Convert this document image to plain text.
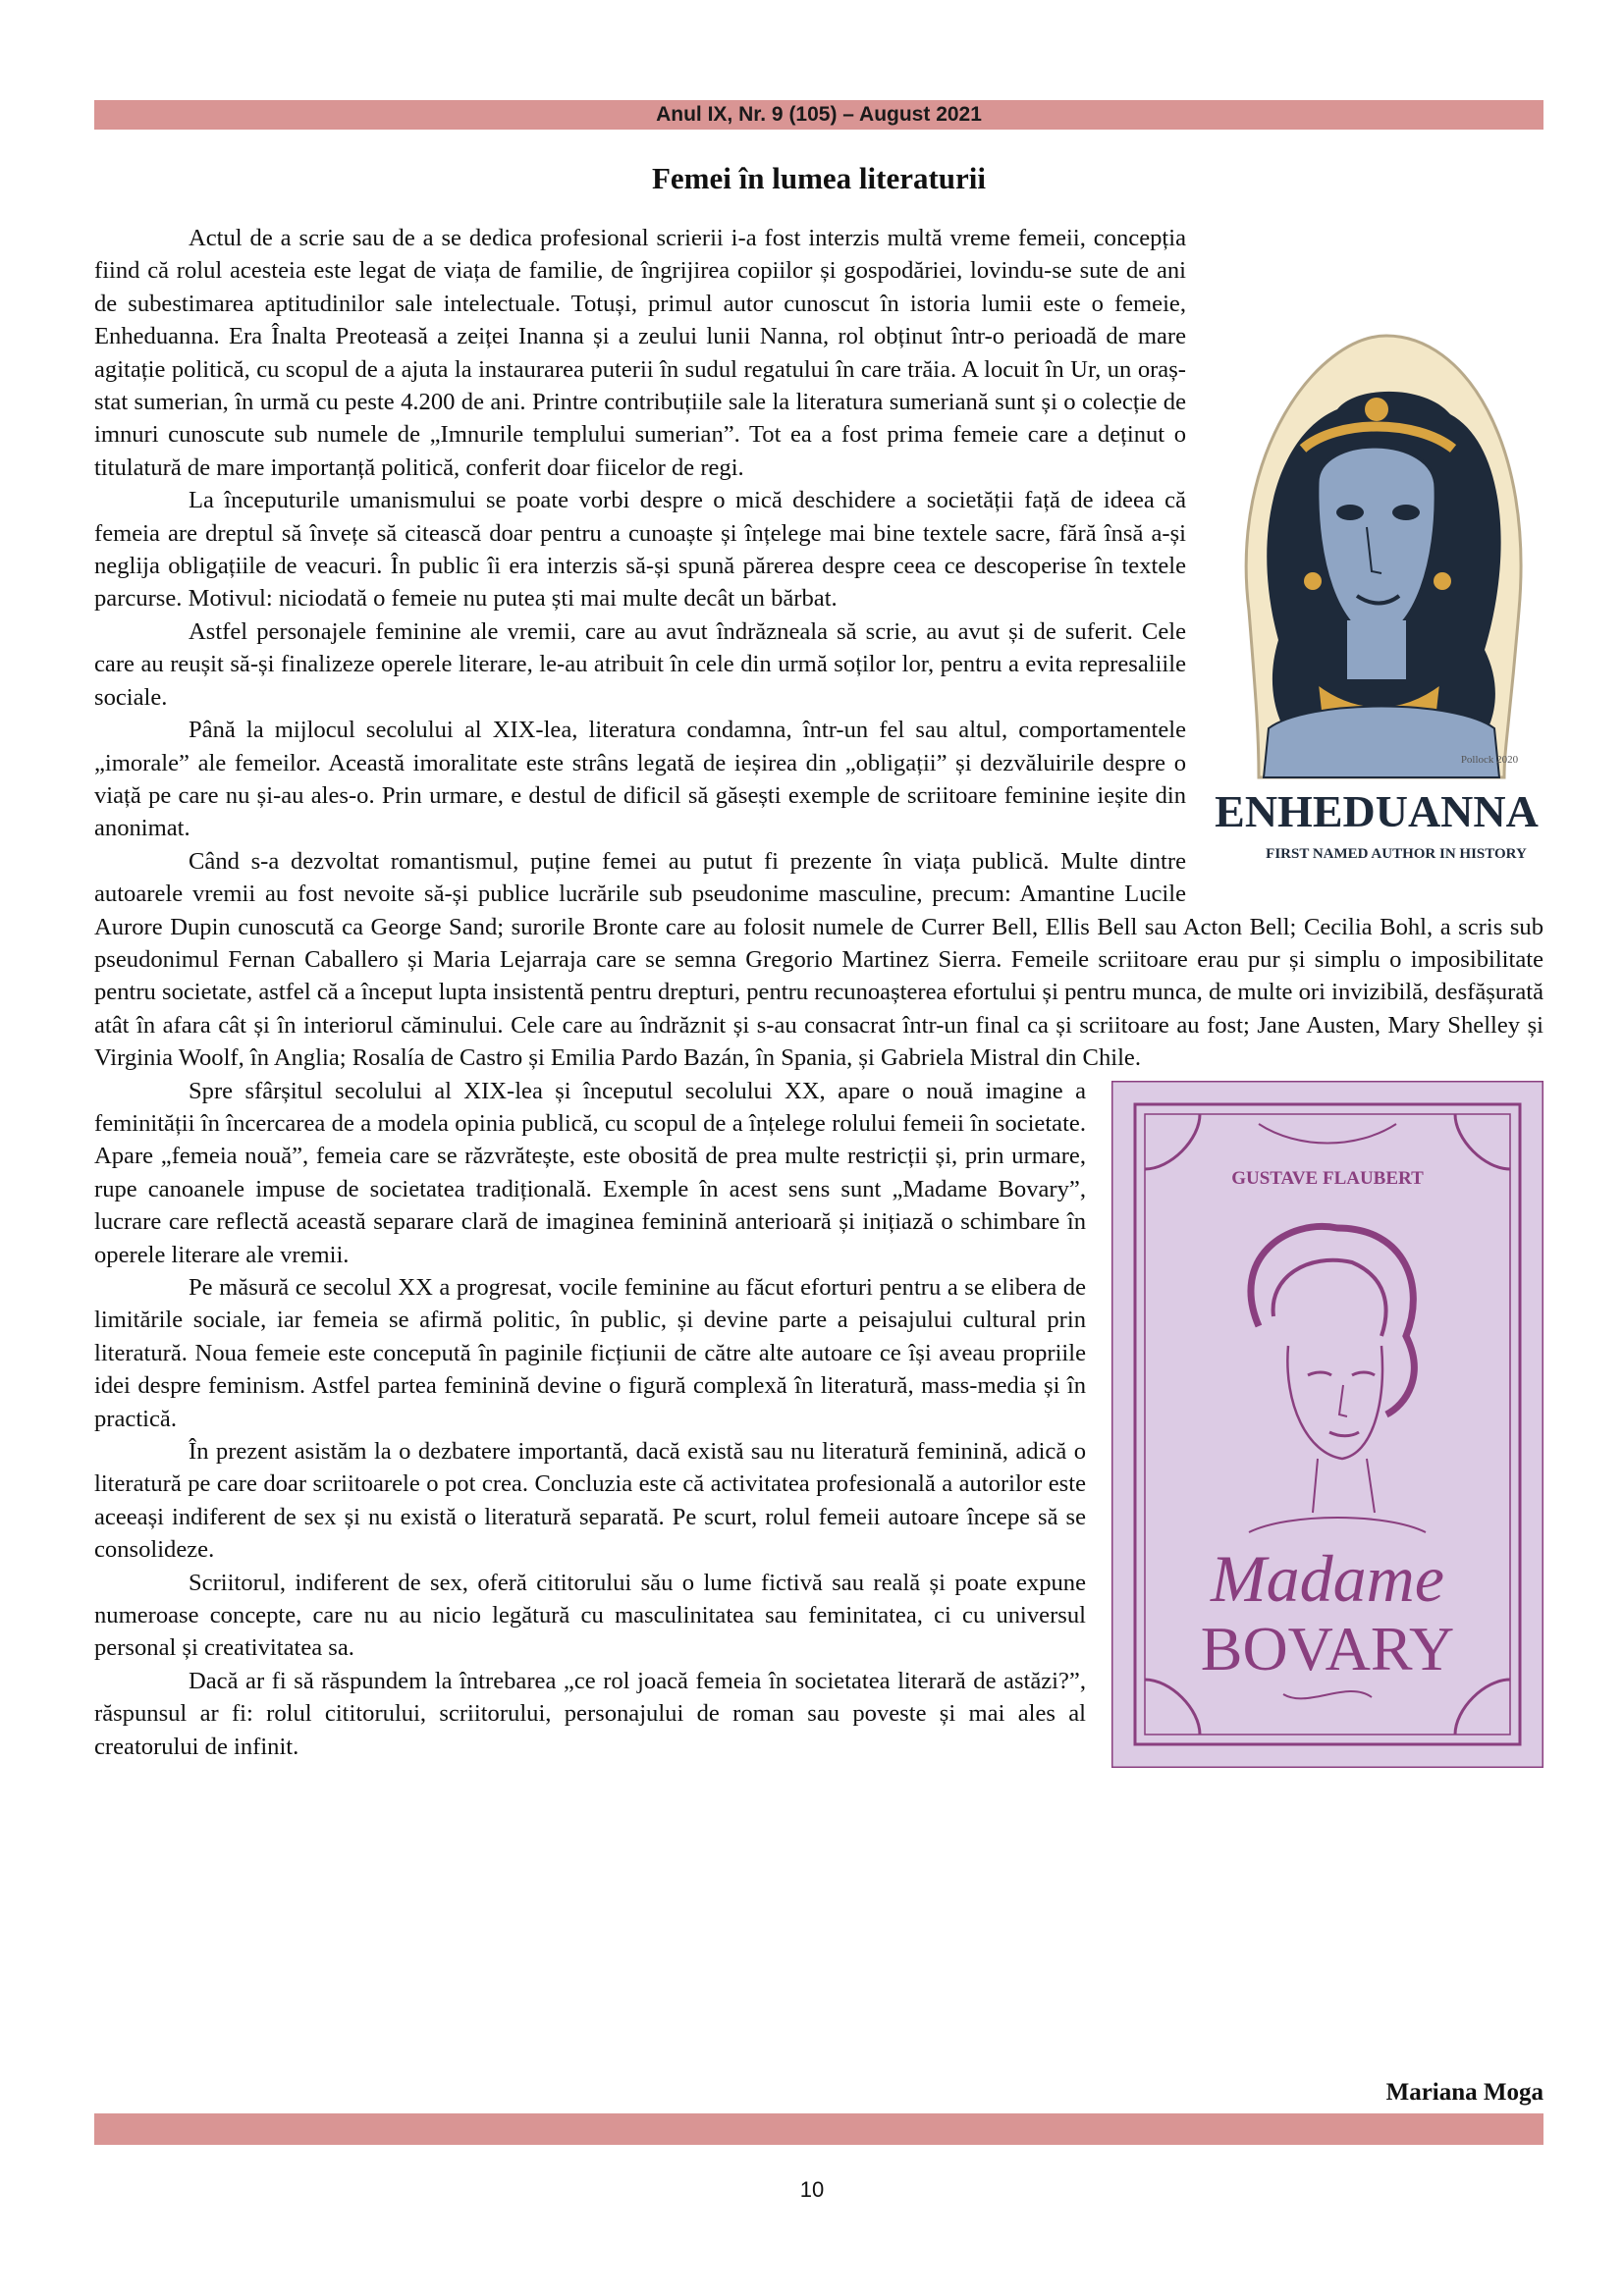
Anul IX, Nr. 9 (105) – August 2021
Femei în lumea literaturii
ENHEDUANNA
FIRST NAMED AUTHOR IN HISTORY
Pollock 2020

Actul de a scrie sau de a se dedica profesional scrierii i-a fost interzis multă vreme femeii, concepția fiind că rolul acesteia este legat de viața de familie, de îngrijirea copiilor și gospodăriei, lovindu-se sute de ani de subestimarea aptitudinilor sale intelectuale. Totuși, primul autor cunoscut în istoria lumii este o femeie, Enheduanna. Era Înalta Preoteasă a zeiței Inanna și a zeului lunii Nanna, rol obținut într-o perioadă de mare agitație politică, cu scopul de a ajuta la instaurarea puterii în sudul regatului în care trăia. A locuit în Ur, un oraș-stat sumerian, în urmă cu peste 4.200 de ani. Printre contribuțiile sale la literatura sumeriană sunt și o colecție de imnuri cunoscute sub numele de „Imnurile templului sumerian”. Tot ea a fost prima femeie care a deținut o titulatură de mare importanță politică, conferit doar fiicelor de regi.

La începuturile umanismului se poate vorbi despre o mică deschidere a societății față de ideea că femeia are dreptul să învețe să citească doar pentru a cunoaște și înțelege mai bine textele sacre, fără însă a-și neglija obligațiile de veacuri. În public îi era interzis să-și spună părerea despre ceea ce descoperise în textele parcurse. Motivul: niciodată o femeie nu putea ști mai multe decât un bărbat.

Astfel personajele feminine ale vremii, care au avut îndrăzneala să scrie, au avut și de suferit. Cele care au reușit să-și finalizeze operele literare, le-au atribuit în cele din urmă soților lor, pentru a evita represaliile sociale.

Până la mijlocul secolului al XIX-lea, literatura condamna, într-un fel sau altul, comportamentele „imorale” ale femeilor. Această imoralitate este strâns legată de ieșirea din „obligații” și dezvăluirile despre o viață pe care nu și-au ales-o. Prin urmare, e destul de dificil să găsești exemple de scriitoare feminine ieșite din anonimat.

Când s-a dezvoltat romantismul, puține femei au putut fi prezente în viața publică. Multe dintre autoarele vremii au fost nevoite să-și publice lucrările sub pseudonime masculine, precum: Amantine Lucile Aurore Dupin cunoscută ca George Sand; surorile Bronte care au folosit numele de Currer Bell, Ellis Bell sau Acton Bell; Cecilia Bohl, a scris sub pseudonimul Fernan Caballero și Maria Lejarraja care se semna Gregorio Martinez Sierra. Femeile scriitoare erau pur și simplu o imposibilitate pentru societate, astfel că a început lupta insistentă pentru drepturi, pentru recunoașterea efortului și pentru munca, de multe ori invizibilă, desfășurată atât în afara cât și în interiorul căminului. Cele care au îndrăznit și s-au consacrat într-un final ca și scriitoare au fost; Jane Austen, Mary Shelley și Virginia Woolf, în Anglia; Rosalía de Castro și Emilia Pardo Bazán, în Spania, și Gabriela Mistral din Chile.

GUSTAVE FLAUBERT
Madame
BOVARY

Spre sfârșitul secolului al XIX-lea și începutul secolului XX, apare o nouă imagine a feminității în încercarea de a modela opinia publică, cu scopul de a înțelege rolului femeii în societate. Apare „femeia nouă”, femeia care se răzvrătește, este obosită de prea multe restricții și, prin urmare, rupe canoanele impuse de societatea tradițională. Exemple în acest sens sunt „Madame Bovary”, lucrare care reflectă această separare clară de imaginea feminină anterioară și inițiază o schimbare în operele literare ale vremii.

Pe măsură ce secolul XX a progresat, vocile feminine au făcut eforturi pentru a se elibera de limitările sociale, iar femeia se afirmă politic, în public, și devine parte a peisajului cultural prin literatură. Noua femeie este concepută în paginile ficțiunii de către alte autoare ce își aveau propriile idei despre feminism. Astfel partea feminină devine o figură complexă în literatură, mass-media și în practică.

În prezent asistăm la o dezbatere importantă, dacă există sau nu literatură feminină, adică o literatură pe care doar scriitoarele o pot crea. Concluzia este că activitatea profesională a autorilor este aceeași indiferent de sex și nu există o literatură separată. Pe scurt, rolul femeii autoare începe să se consolideze.

Scriitorul, indiferent de sex, oferă cititorului său o lume fictivă sau reală și poate expune numeroase concepte, care nu au nicio legătură cu masculinitatea sau feminitatea, ci cu universul personal și creativitatea sa.

Dacă ar fi să răspundem la întrebarea „ce rol joacă femeia în societatea literară de astăzi?”, răspunsul ar fi: rolul cititorului, scriitorului, personajului de roman sau poveste și mai ales al creatorului de infinit.

Mariana Moga
10
